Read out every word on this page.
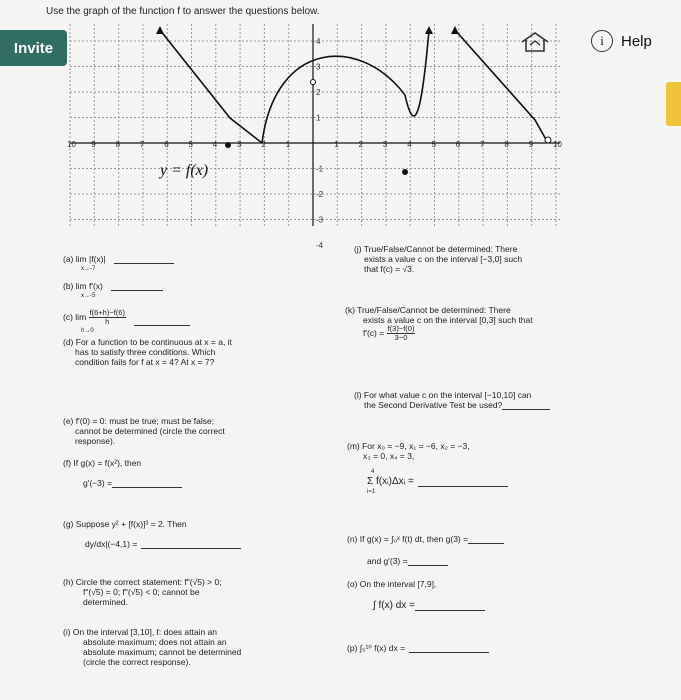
Use the graph of the function f to answer the questions below.
10 9 8 7 6 5 4 3 2 1	1 2 3 4 5 6 7 8 9 10
4
3
2
1
-1
-2
-3
-4
y = f(x)
Invite	i Help
(a) lim |f(x)|
x→-7
(b) lim f′(x)
x→-5
(c) $\lim \frac{f(6+h)-f(6)}{h}$
h→0
(d) For a function to be continuous at x = a, it
has to satisfy three conditions. Which
condition fails for f at x = 4? At x = 7?
(e) f′(0) = 0: must be true; must be false;
cannot be determined (circle the correct
response).
(f) If g(x) = f(x²), then
g′(−3) =
(g) Suppose y² + [f(x)]³ = 2. Then
dy/dx|(−4,1) =
(h) Circle the correct statement: f″(√5) > 0;
f″(√5) = 0; f″(√5) < 0; cannot be
determined.
(i) On the interval [3,10], f: does attain an
absolute maximum; does not attain an
absolute maximum; cannot be determined
(circle the correct response).
(j) True/False/Cannot be determined: There
exists a value c on the interval [−3,0] such
that f(c) = √3.
(k) True/False/Cannot be determined: There
exists a value c on the interval [0,3] such that
$f'(c) = \frac{f(3)-f(0)}{3-0}$
(l) For what value c on the interval [−10,10] can
the Second Derivative Test be used?
(m) For x₀ = −9, x₁ = −6, x₂ = −3,
x₃ = 0, x₄ = 3,
4
Σ f(xᵢ)Δxᵢ =
i=1
(n) If g(x) = ∫₀ˣ f(t) dt, then g(3) =
and g′(3) =
(o) On the interval [7,9],
∫ f(x) dx =
(p) ∫₅¹⁰ f(x) dx =
